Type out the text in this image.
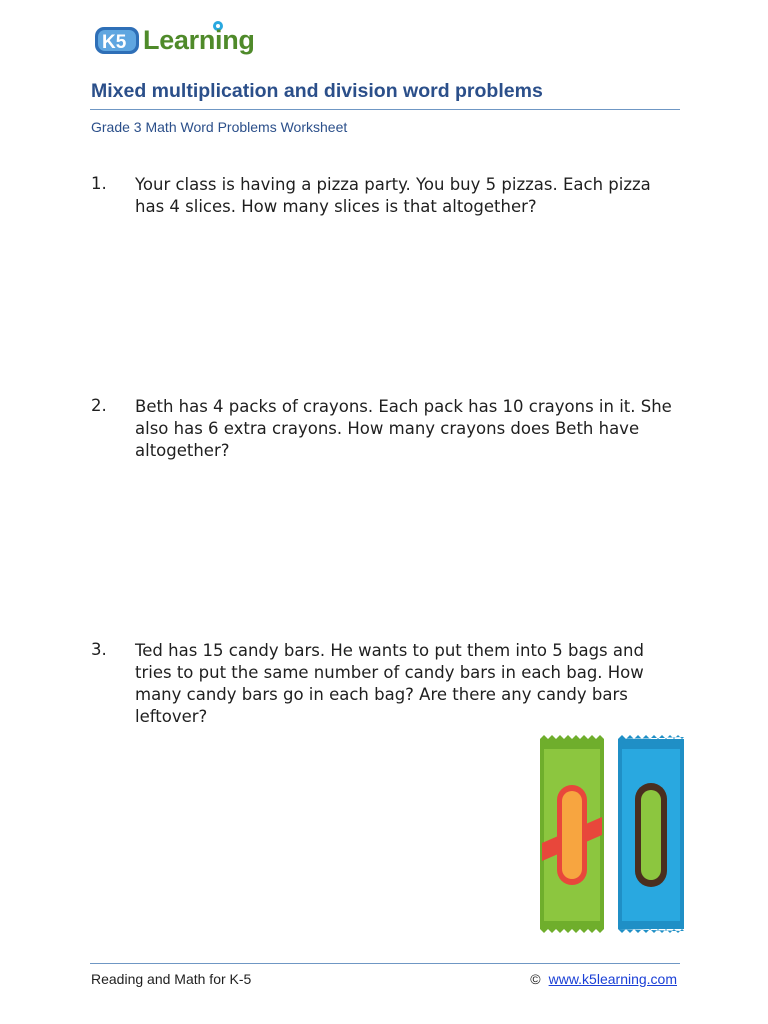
K5 Learning
Mixed multiplication and division word problems
Grade 3 Math Word Problems Worksheet
1. Your class is having a pizza party. You buy 5 pizzas. Each pizza has 4 slices. How many slices is that altogether?

2. Beth has 4 packs of crayons. Each pack has 10 crayons in it. She also has 6 extra crayons. How many crayons does Beth have altogether?

3. Ted has 15 candy bars. He wants to put them into 5 bags and tries to put the same number of candy bars in each bag. How many candy bars go in each bag? Are there any candy bars leftover?

Reading and Math for K-5	© www.k5learning.com
